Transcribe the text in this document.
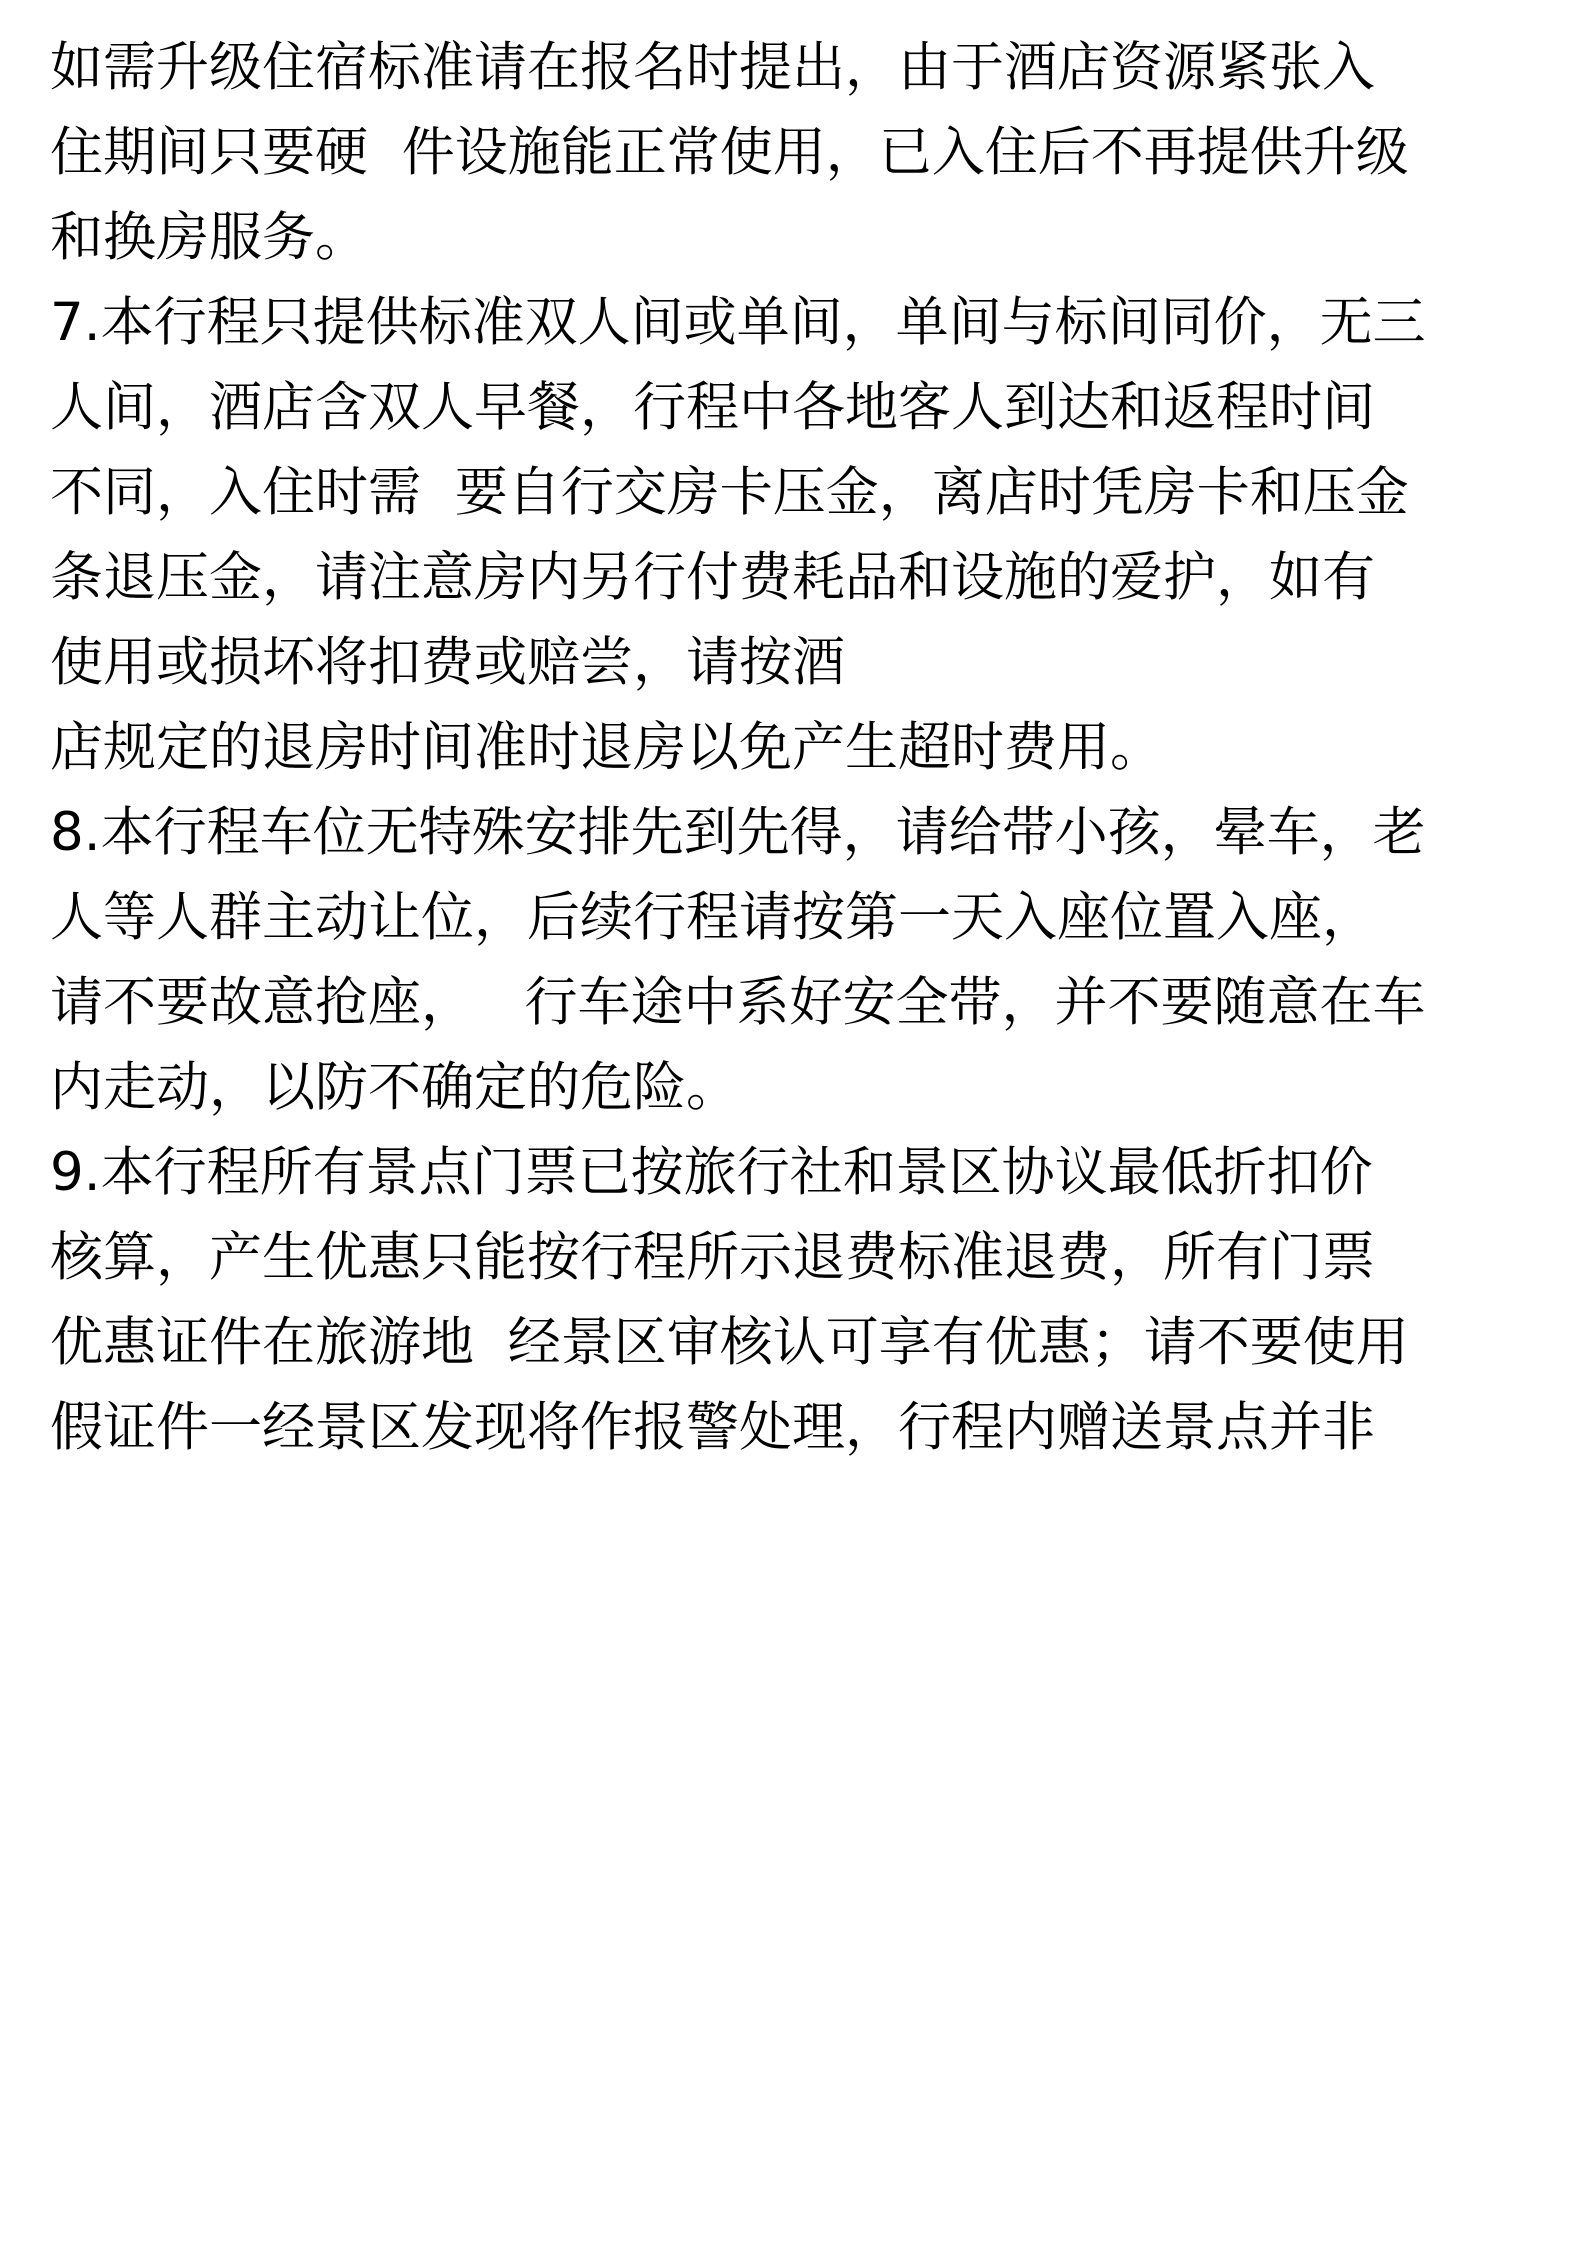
如需升级住宿标准请在报名时提出，由于酒店资源紧张入
住期间只要硬  件设施能正常使用，已入住后不再提供升级
和换房服务。
7.本行程只提供标准双人间或单间，单间与标间同价，无三
人间，酒店含双人早餐，行程中各地客人到达和返程时间
不同，入住时需  要自行交房卡压金，离店时凭房卡和压金
条退压金，请注意房内另行付费耗品和设施的爱护，如有
使用或损坏将扣费或赔尝，请按酒
店规定的退房时间准时退房以免产生超时费用。
8.本行程车位无特殊安排先到先得，请给带小孩，晕车，老
人等人群主动让位，后续行程请按第一天入座位置入座，
请不要故意抢座，   行车途中系好安全带，并不要随意在车
内走动，以防不确定的危险。
9.本行程所有景点门票已按旅行社和景区协议最低折扣价
核算，产生优惠只能按行程所示退费标准退费，所有门票
优惠证件在旅游地  经景区审核认可享有优惠；请不要使用
假证件一经景区发现将作报警处理，行程内赠送景点并非
